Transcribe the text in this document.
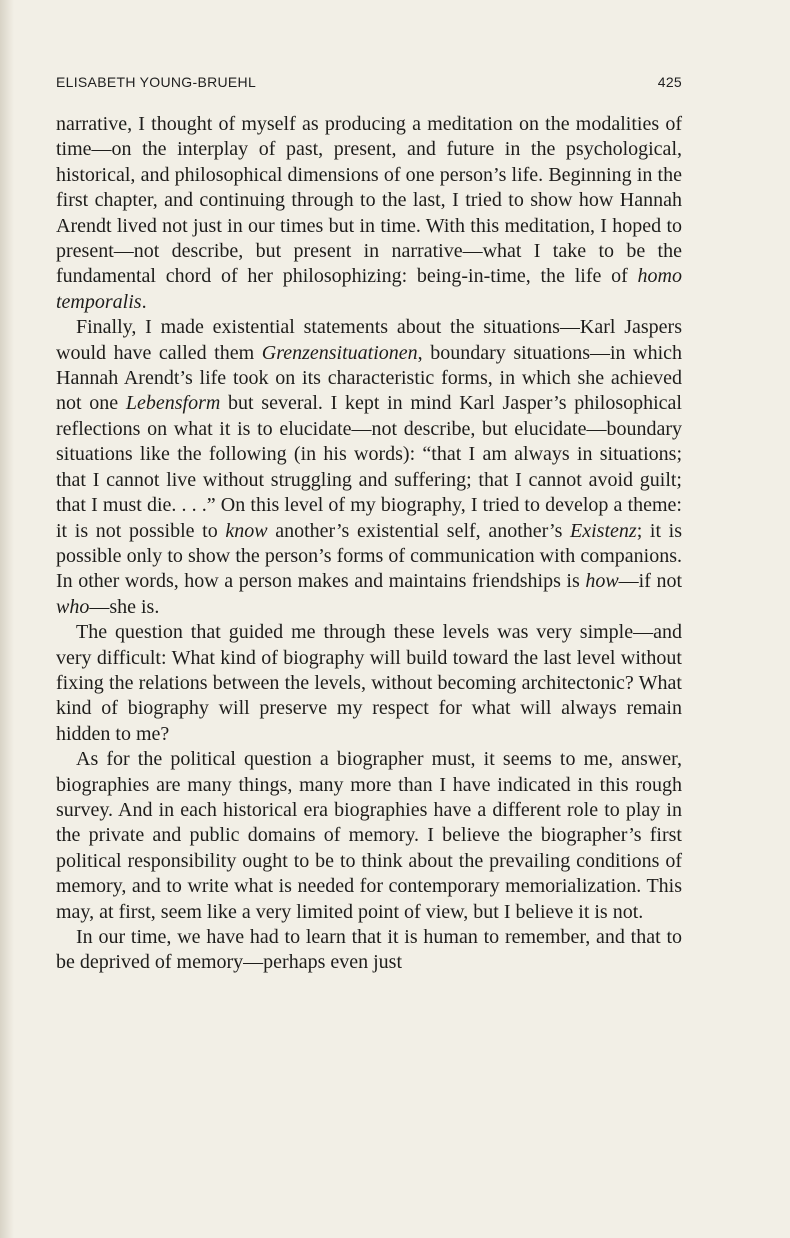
ELISABETH YOUNG-BRUEHL	425

narrative, I thought of myself as producing a meditation on the modalities of time—on the interplay of past, present, and future in the psychological, historical, and philosophical dimensions of one person’s life. Beginning in the first chapter, and continuing through to the last, I tried to show how Hannah Arendt lived not just in our times but in time. With this meditation, I hoped to present—not describe, but present in narrative—what I take to be the fundamental chord of her philosophizing: being-in-time, the life of homo temporalis.

Finally, I made existential statements about the situations—Karl Jaspers would have called them Grenzensituationen, boundary situations—in which Hannah Arendt’s life took on its characteristic forms, in which she achieved not one Lebensform but several. I kept in mind Karl Jasper’s philosophical reflections on what it is to elucidate—not describe, but elucidate—boundary situations like the following (in his words): “that I am always in situations; that I cannot live without struggling and suffering; that I cannot avoid guilt; that I must die. . . .” On this level of my biography, I tried to develop a theme: it is not possible to know another’s existential self, another’s Existenz; it is possible only to show the person’s forms of communication with companions. In other words, how a person makes and maintains friendships is how—if not who—she is.

The question that guided me through these levels was very simple—and very difficult: What kind of biography will build toward the last level without fixing the relations between the levels, without becoming architectonic? What kind of biography will preserve my respect for what will always remain hidden to me?

As for the political question a biographer must, it seems to me, answer, biographies are many things, many more than I have indicated in this rough survey. And in each historical era biographies have a different role to play in the private and public domains of memory. I believe the biographer’s first political responsibility ought to be to think about the prevailing conditions of memory, and to write what is needed for contemporary memorialization. This may, at first, seem like a very limited point of view, but I believe it is not.

In our time, we have had to learn that it is human to remember, and that to be deprived of memory—perhaps even just
